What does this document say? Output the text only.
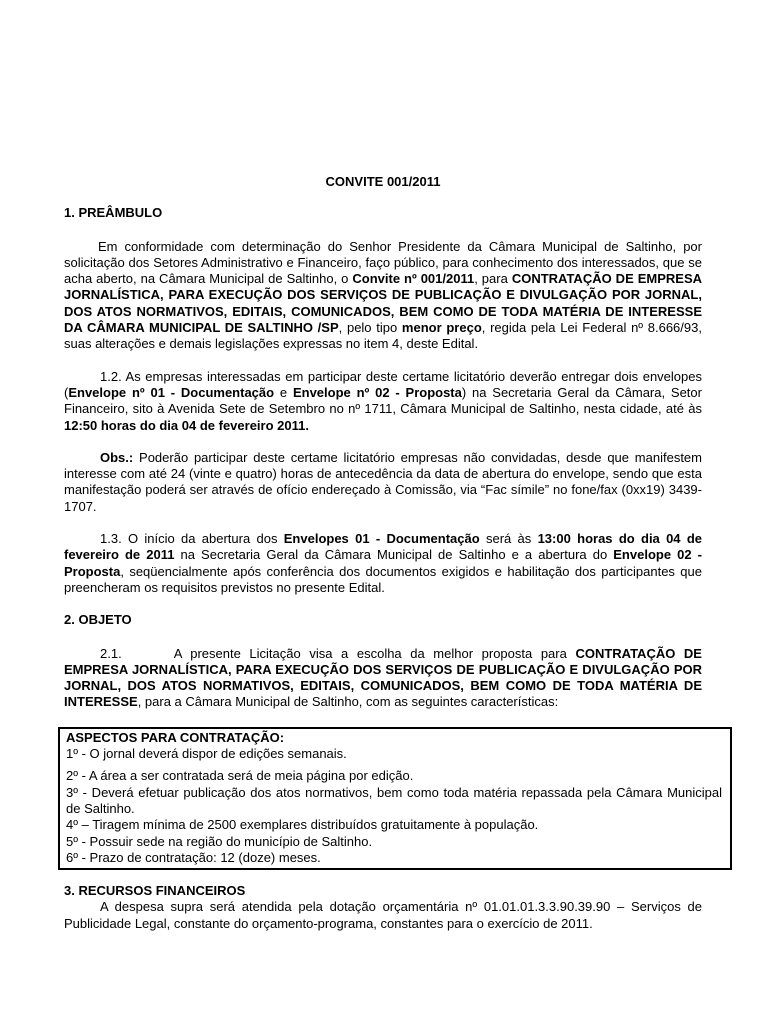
CONVITE 001/2011
1. PREÂMBULO

Em conformidade com determinação do Senhor Presidente da Câmara Municipal de Saltinho, por solicitação dos Setores Administrativo e Financeiro, faço público, para conhecimento dos interessados, que se acha aberto, na Câmara Municipal de Saltinho, o Convite nº 001/2011, para CONTRATAÇÃO DE EMPRESA JORNALÍSTICA, PARA EXECUÇÃO DOS SERVIÇOS DE PUBLICAÇÃO E DIVULGAÇÃO POR JORNAL, DOS ATOS NORMATIVOS, EDITAIS, COMUNICADOS, BEM COMO DE TODA MATÉRIA DE INTERESSE DA CÂMARA MUNICIPAL DE SALTINHO /SP, pelo tipo menor preço, regida pela Lei Federal nº 8.666/93, suas alterações e demais legislações expressas no item 4, deste Edital.

1.2. As empresas interessadas em participar deste certame licitatório deverão entregar dois envelopes (Envelope nº 01 - Documentação e Envelope nº 02 - Proposta) na Secretaria Geral da Câmara, Setor Financeiro, sito à Avenida Sete de Setembro no nº 1711, Câmara Municipal de Saltinho, nesta cidade, até às 12:50 horas do dia 04 de fevereiro 2011.

Obs.: Poderão participar deste certame licitatório empresas não convidadas, desde que manifestem interesse com até 24 (vinte e quatro) horas de antecedência da data de abertura do envelope, sendo que esta manifestação poderá ser através de ofício endereçado à Comissão, via “Fac símile” no fone/fax (0xx19) 3439-1707.

1.3. O início da abertura dos Envelopes 01 - Documentação será às 13:00 horas do dia 04 de fevereiro de 2011 na Secretaria Geral da Câmara Municipal de Saltinho e a abertura do Envelope 02 - Proposta, seqüencialmente após conferência dos documentos exigidos e habilitação dos participantes que preencheram os requisitos previstos no presente Edital.

2. OBJETO

2.1.	A presente Licitação visa a escolha da melhor proposta para CONTRATAÇÃO DE EMPRESA JORNALÍSTICA, PARA EXECUÇÃO DOS SERVIÇOS DE PUBLICAÇÃO E DIVULGAÇÃO POR JORNAL, DOS ATOS NORMATIVOS, EDITAIS, COMUNICADOS, BEM COMO DE TODA MATÉRIA DE INTERESSE, para a Câmara Municipal de Saltinho, com as seguintes características:

ASPECTOS PARA CONTRATAÇÃO:
1º - O jornal deverá dispor de edições semanais.
2º - A área a ser contratada será de meia página por edição.
3º - Deverá efetuar publicação dos atos normativos, bem como toda matéria repassada pela Câmara Municipal de Saltinho.
4º – Tiragem mínima de 2500 exemplares distribuídos gratuitamente à população.
5º - Possuir sede na região do município de Saltinho.
6º - Prazo de contratação: 12 (doze) meses.
3. RECURSOS FINANCEIROS

A despesa supra será atendida pela dotação orçamentária nº 01.01.01.3.3.90.39.90 – Serviços de Publicidade Legal, constante do orçamento-programa, constantes para o exercício de 2011.
